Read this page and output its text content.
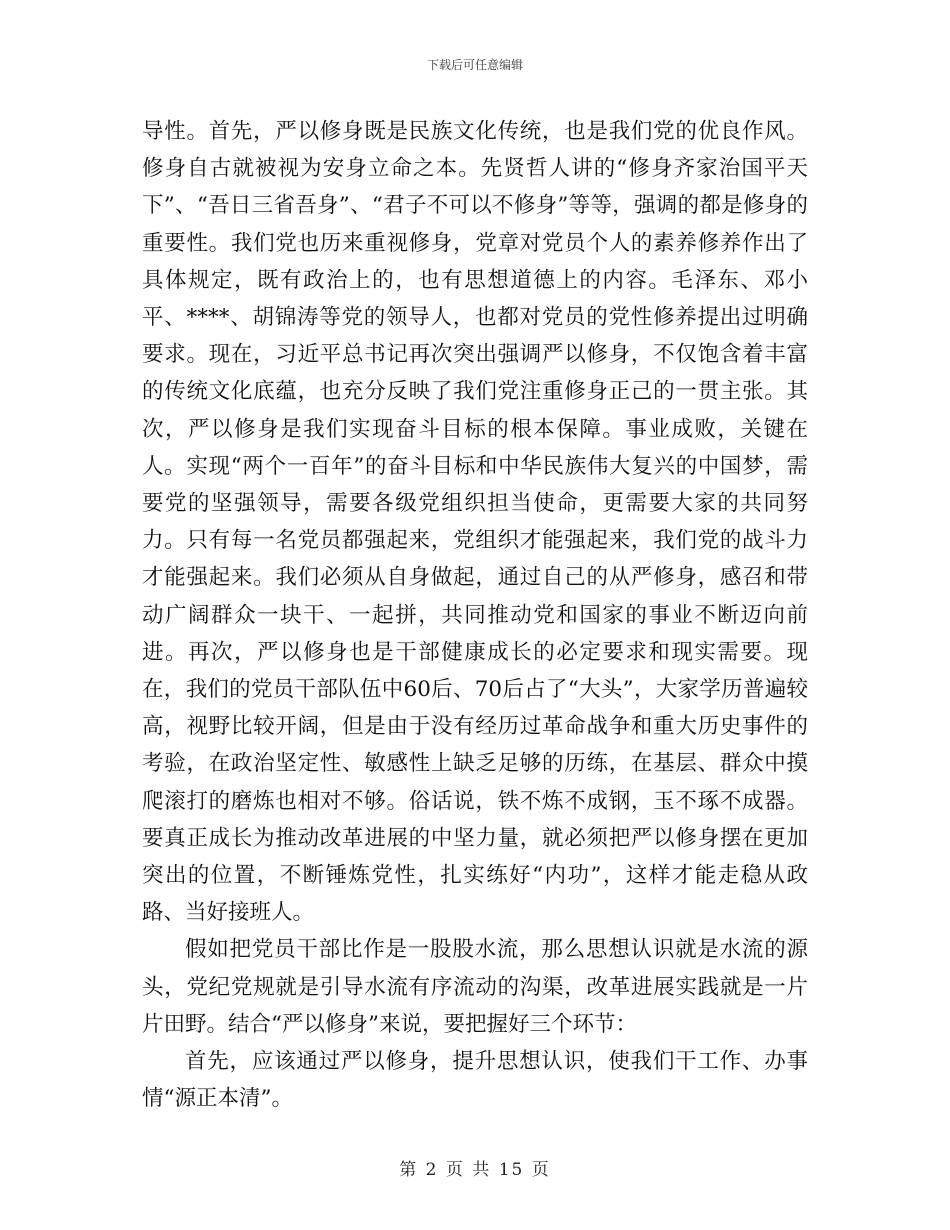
下载后可任意编辑

导性。首先，严以修身既是民族文化传统，也是我们党的优良作风。修身自古就被视为安身立命之本。先贤哲人讲的“修身齐家治国平天下”、“吾日三省吾身”、“君子不可以不修身”等等，强调的都是修身的重要性。我们党也历来重视修身，党章对党员个人的素养修养作出了具体规定，既有政治上的，也有思想道德上的内容。毛泽东、邓小平、****、胡锦涛等党的领导人，也都对党员的党性修养提出过明确要求。现在，习近平总书记再次突出强调严以修身，不仅饱含着丰富的传统文化底蕴，也充分反映了我们党注重修身正己的一贯主张。其次，严以修身是我们实现奋斗目标的根本保障。事业成败，关键在人。实现“两个一百年”的奋斗目标和中华民族伟大复兴的中国梦，需要党的坚强领导，需要各级党组织担当使命，更需要大家的共同努力。只有每一名党员都强起来，党组织才能强起来，我们党的战斗力才能强起来。我们必须从自身做起，通过自己的从严修身，感召和带动广阔群众一块干、一起拼，共同推动党和国家的事业不断迈向前进。再次，严以修身也是干部健康成长的必定要求和现实需要。现在，我们的党员干部队伍中60后、70后占了“大头”，大家学历普遍较高，视野比较开阔，但是由于没有经历过革命战争和重大历史事件的考验，在政治坚定性、敏感性上缺乏足够的历练，在基层、群众中摸爬滚打的磨炼也相对不够。俗话说，铁不炼不成钢，玉不琢不成器。要真正成长为推动改革进展的中坚力量，就必须把严以修身摆在更加突出的位置，不断锤炼党性，扎实练好“内功”，这样才能走稳从政路、当好接班人。

假如把党员干部比作是一股股水流，那么思想认识就是水流的源头，党纪党规就是引导水流有序流动的沟渠，改革进展实践就是一片片田野。结合“严以修身”来说，要把握好三个环节：

首先，应该通过严以修身，提升思想认识，使我们干工作、办事情“源正本清”。

第 2 页 共 15 页
